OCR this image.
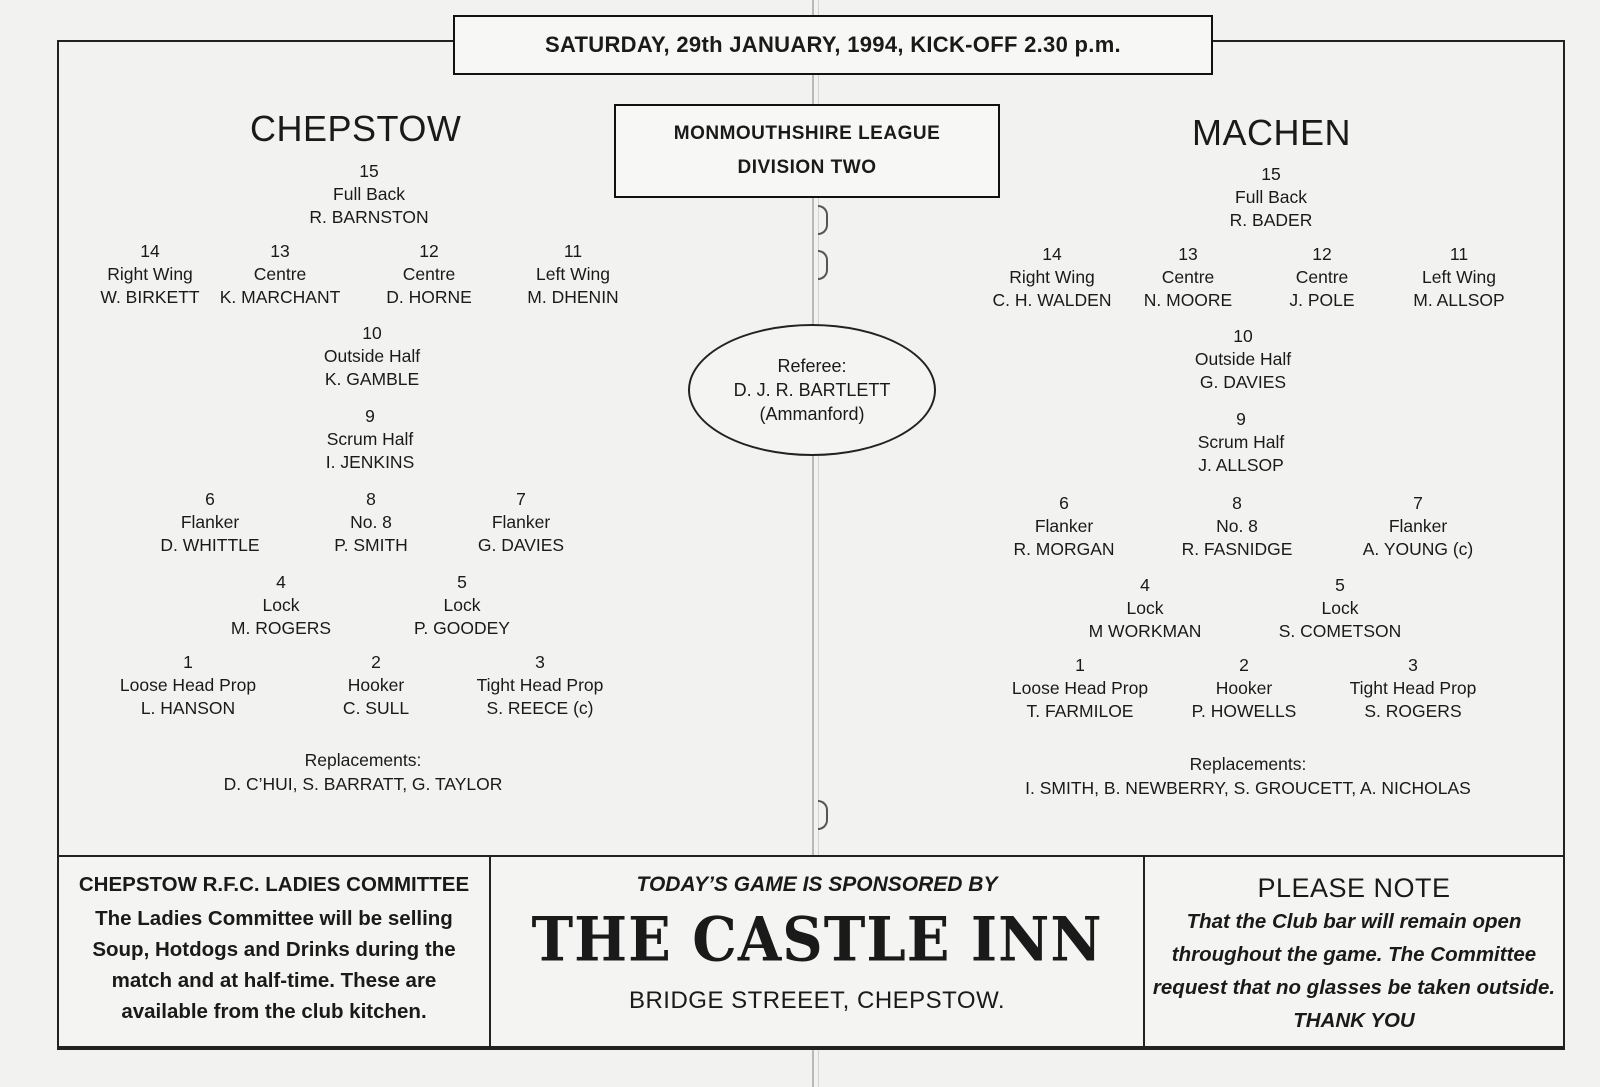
SATURDAY, 29th JANUARY, 1994, KICK-OFF 2.30 p.m.
MONMOUTHSHIRE LEAGUE
DIVISION TWO
CHEPSTOW	MACHEN
15
Full Back
R. BARNSTON
14
Right Wing
W. BIRKETT
13
Centre
K. MARCHANT
12
Centre
D. HORNE
11
Left Wing
M. DHENIN
10
Outside Half
K. GAMBLE
9
Scrum Half
I. JENKINS
6
Flanker
D. WHITTLE
8
No. 8
P. SMITH
7
Flanker
G. DAVIES
4
Lock
M. ROGERS
5
Lock
P. GOODEY
1
Loose Head Prop
L. HANSON
2
Hooker
C. SULL
3
Tight Head Prop
S. REECE (c)
15
Full Back
R. BADER
14
Right Wing
C. H. WALDEN
13
Centre
N. MOORE
12
Centre
J. POLE
11
Left Wing
M. ALLSOP
10
Outside Half
G. DAVIES
9
Scrum Half
J. ALLSOP
6
Flanker
R. MORGAN
8
No. 8
R. FASNIDGE
7
Flanker
A. YOUNG (c)
4
Lock
M WORKMAN
5
Lock
S. COMETSON
1
Loose Head Prop
T. FARMILOE
2
Hooker
P. HOWELLS
3
Tight Head Prop
S. ROGERS
Referee:
D. J. R. BARTLETT
(Ammanford)
Replacements:
D. C’HUI, S. BARRATT, G. TAYLOR
Replacements:
I. SMITH, B. NEWBERRY, S. GROUCETT, A. NICHOLAS
CHEPSTOW R.F.C. LADIES COMMITTEE
The Ladies Committee will be selling
Soup, Hotdogs and Drinks during the
match and at half-time. These are
available from the club kitchen.
TODAY’S GAME IS SPONSORED BY
THE CASTLE INN
BRIDGE STREEET, CHEPSTOW.
PLEASE NOTE
That the Club bar will remain open
throughout the game. The Committee
request that no glasses be taken outside.
THANK YOU
